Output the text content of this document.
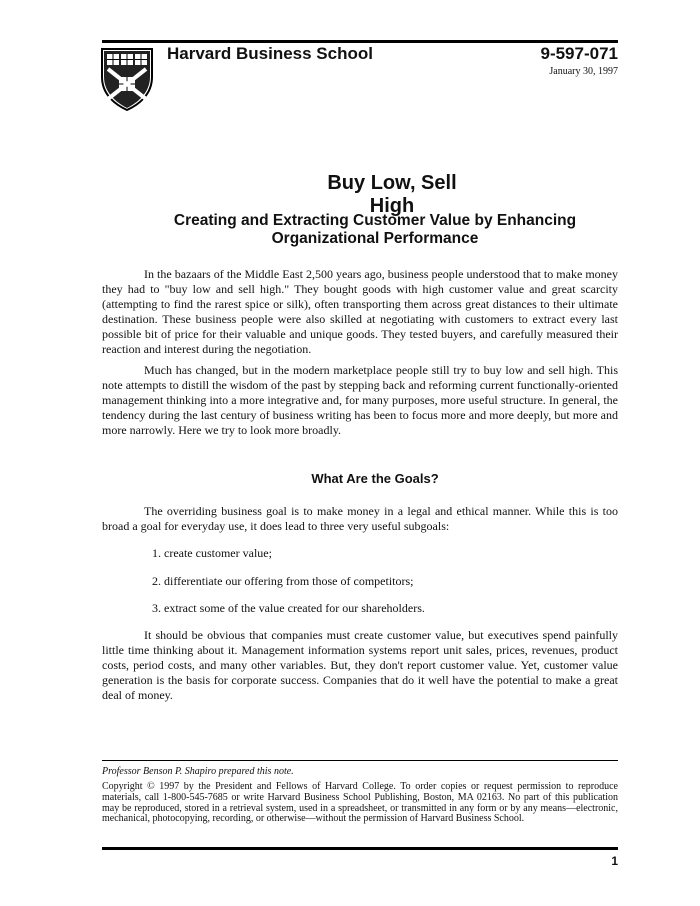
Harvard Business School	9-597-071
January 30, 1997
Buy Low, Sell High
Creating and Extracting Customer Value by Enhancing
Organizational Performance

In the bazaars of the Middle East 2,500 years ago, business people understood that to make money they had to "buy low and sell high." They bought goods with high customer value and great scarcity (attempting to find the rarest spice or silk), often transporting them across great distances to their ultimate destination. These business people were also skilled at negotiating with customers to extract every last possible bit of price for their valuable and unique goods. They tested buyers, and carefully measured their reaction and interest during the negotiation.

Much has changed, but in the modern marketplace people still try to buy low and sell high. This note attempts to distill the wisdom of the past by stepping back and reforming current functionally-oriented management thinking into a more integrative and, for many purposes, more useful structure. In general, the tendency during the last century of business writing has been to focus more and more deeply, but more and more narrowly. Here we try to look more broadly.

What Are the Goals?

The overriding business goal is to make money in a legal and ethical manner. While this is too broad a goal for everyday use, it does lead to three very useful subgoals:

1. create customer value;
2. differentiate our offering from those of competitors;
3. extract some of the value created for our shareholders.

It should be obvious that companies must create customer value, but executives spend painfully little time thinking about it. Management information systems report unit sales, prices, revenues, product costs, period costs, and many other variables. But, they don't report customer value. Yet, customer value generation is the basis for corporate success. Companies that do it well have the potential to make a great deal of money.

Professor Benson P. Shapiro prepared this note.

Copyright © 1997 by the President and Fellows of Harvard College. To order copies or request permission to reproduce materials, call 1-800-545-7685 or write Harvard Business School Publishing, Boston, MA 02163. No part of this publication may be reproduced, stored in a retrieval system, used in a spreadsheet, or transmitted in any form or by any means—electronic, mechanical, photocopying, recording, or otherwise—without the permission of Harvard Business School.

1
